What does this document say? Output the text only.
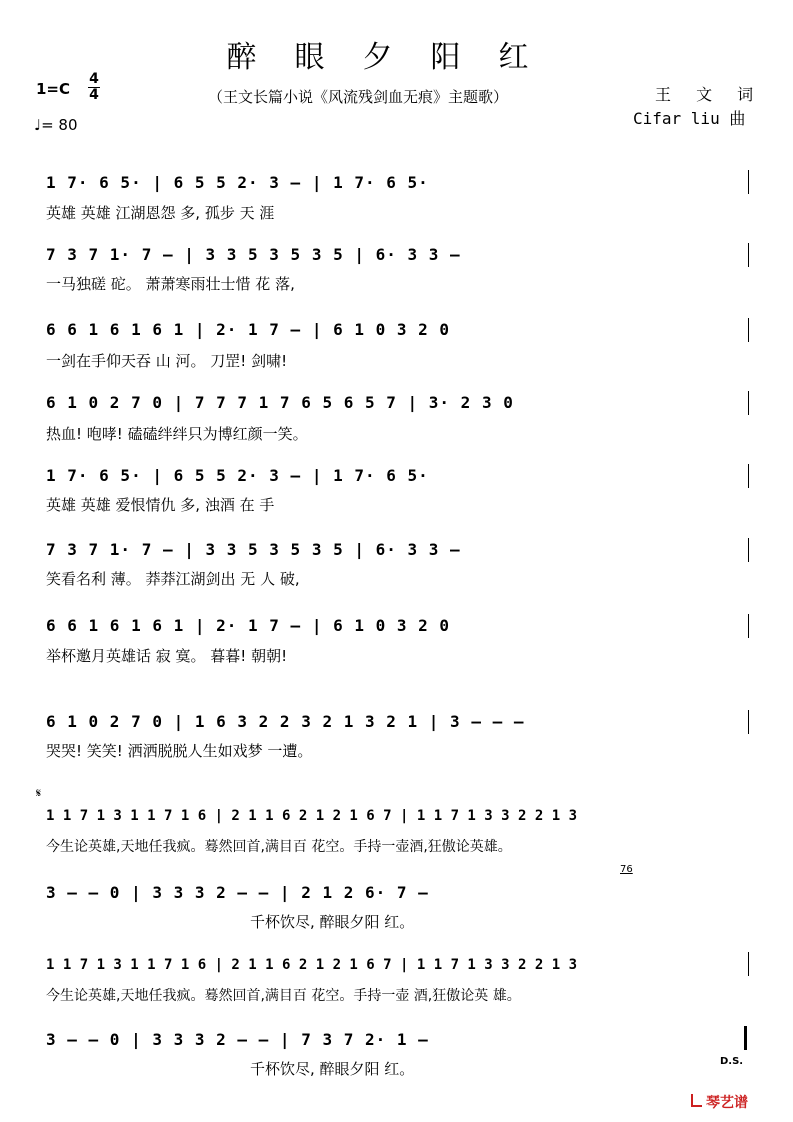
醉眼夕阳红
1=C
4
4
♩= 80
（王文长篇小说《风流残剑血无痕》主题歌）	王 文 词
Cifar liu 曲
1 7· 6 5· | 6 5 5 2· 3 – | 1 7· 6 5·
英雄 英雄 江湖恩怨 多, 孤步 天 涯
7 3 7 1· 7 – | 3 3 5 3 5 3 5 | 6· 3 3 –
一马独磋 砣。 萧萧寒雨壮士惜 花 落,
6 6 1 6 1 6 1 | 2· 1 7 – | 6 1 0 3 2 0
一剑在手仰天吞 山 河。 刀罡! 剑啸!
6 1 0 2 7 0 | 7 7 7 1 7 6 5 6 5 7 | 3· 2 3 0
热血! 咆哮! 磕磕绊绊只为博红颜一笑。
1 7· 6 5· | 6 5 5 2· 3 – | 1 7· 6 5·
英雄 英雄 爱恨情仇 多, 浊酒 在 手
7 3 7 1· 7 – | 3 3 5 3 5 3 5 | 6· 3 3 –
笑看名利 薄。 莽莽江湖剑出 无 人 破,
6 6 1 6 1 6 1 | 2· 1 7 – | 6 1 0 3 2 0
举杯邀月英雄话 寂 寞。 暮暮! 朝朝!
6 1 0 2 7 0 | 1 6 3 2 2 3 2 1 3 2 1 | 3 – – –
哭哭! 笑笑! 洒洒脱脱人生如戏梦 一遭。
𝄋
1 1 7 1 3 1 1 7 1 6 | 2 1 1 6 2 1 2 1 6 7 | 1 1 7 1 3 3 2 2 1 3
今生论英雄,天地任我疯。蓦然回首,满目百 花空。手持一壶酒,狂傲论英雄。
3 – – 0 | 3 3 3 2 – – | 2 1 2 6· 7 –
千杯饮尽, 醉眼夕阳 红。
76
1 1 7 1 3 1 1 7 1 6 | 2 1 1 6 2 1 2 1 6 7 | 1 1 7 1 3 3 2 2 1 3
今生论英雄,天地任我疯。蓦然回首,满目百 花空。手持一壶 酒,狂傲论英 雄。
3 – – 0 | 3 3 3 2 – – | 7 3 7 2· 1 –
千杯饮尽, 醉眼夕阳 红。	D.S.
琴艺谱
